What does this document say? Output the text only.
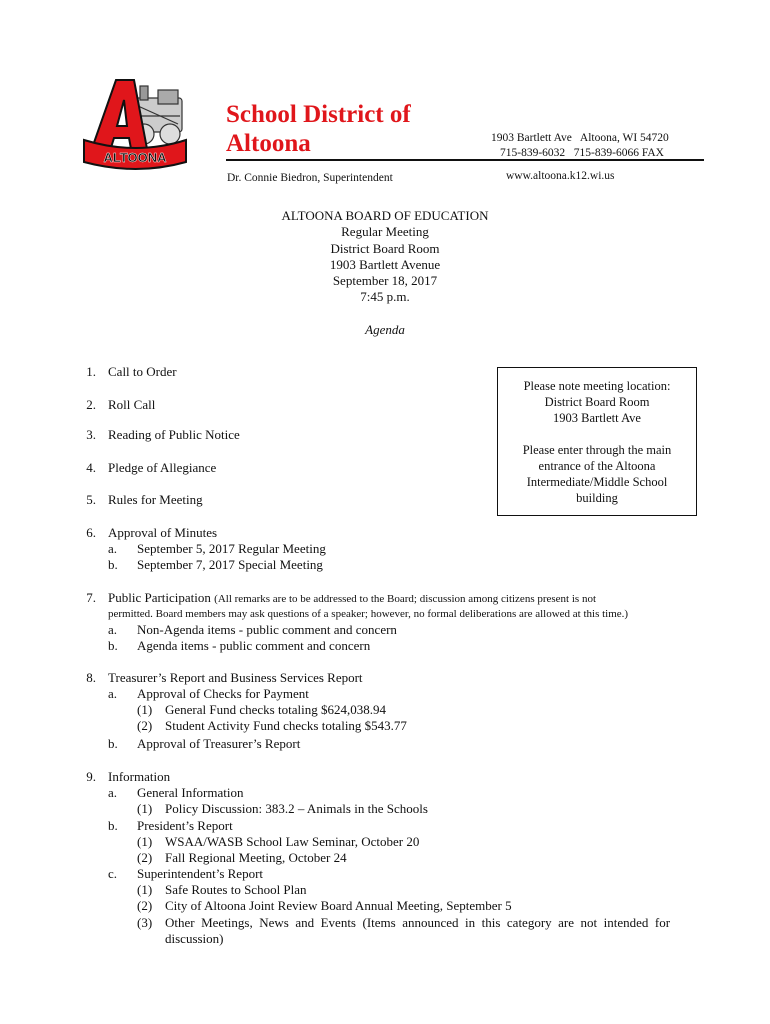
ALTOONA
School District of
Altoona	1903 Bartlett Ave   Altoona, WI 54720
715-839-6032   715-839-6066 FAX
Dr. Connie Biedron, Superintendent	www.altoona.k12.wi.us
ALTOONA BOARD OF EDUCATION
Regular Meeting
District Board Room
1903 Bartlett Avenue
September 18, 2017
7:45 p.m.
Agenda
Please note meeting location:
District Board Room
1903 Bartlett Ave
Please enter through the main
entrance of the Altoona
Intermediate/Middle School
building
1. Call to Order
2. Roll Call
3. Reading of Public Notice
4. Pledge of Allegiance
5. Rules for Meeting
6. Approval of Minutes
a. September 5, 2017 Regular Meeting
b. September 7, 2017 Special Meeting
7. Public Participation (All remarks are to be addressed to the Board; discussion among citizens present is not
permitted. Board members may ask questions of a speaker; however, no formal deliberations are allowed at this time.)
a. Non-Agenda items - public comment and concern
b. Agenda items - public comment and concern
8. Treasurer’s Report and Business Services Report
a. Approval of Checks for Payment
(1) General Fund checks totaling $624,038.94
(2) Student Activity Fund checks totaling $543.77
b. Approval of Treasurer’s Report
9. Information
a. General Information
(1) Policy Discussion: 383.2 – Animals in the Schools
b. President’s Report
(1) WSAA/WASB School Law Seminar, October 20
(2) Fall Regional Meeting, October 24
c. Superintendent’s Report
(1) Safe Routes to School Plan
(2) City of Altoona Joint Review Board Annual Meeting, September 5
(3) Other  Meetings,  News  and  Events  (Items  announced  in  this  category  are  not  intended  for
discussion)
